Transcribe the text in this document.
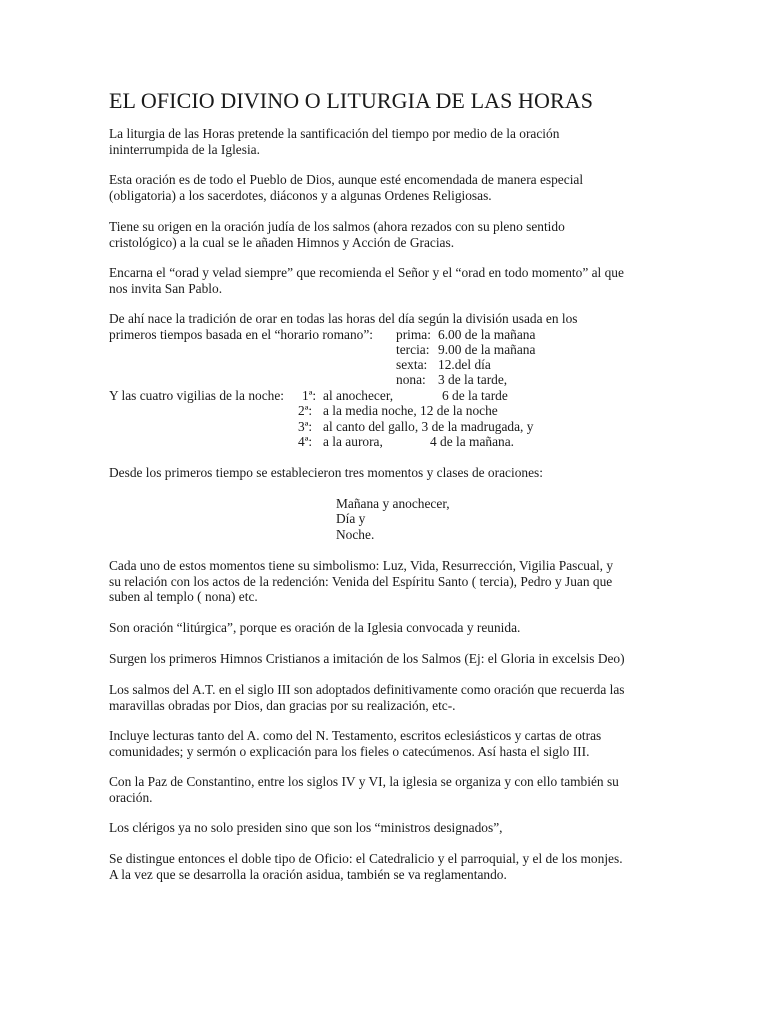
EL OFICIO DIVINO O LITURGIA DE LAS HORAS

La liturgia de las Horas pretende la santificación del tiempo por medio de la oración
ininterrumpida de la Iglesia.

Esta oración es de todo el Pueblo de Dios, aunque esté encomendada de manera especial
(obligatoria) a los sacerdotes, diáconos y a algunas Ordenes Religiosas.

Tiene su origen en la oración judía de los salmos (ahora rezados con su pleno sentido
cristológico) a la cual se le añaden Himnos y Acción de Gracias.

Encarna el “orad y velad siempre” que recomienda el Señor y el “orad en todo momento” al que
nos invita San Pablo.

De ahí nace la tradición de orar en todas las horas del día según la división usada en los

primeros tiempos basada en el “horario romano”: prima: 6.00 de la mañana

tercia: 9.00 de la mañana

sexta: 12.del día

nona: 3 de la tarde,

Y las cuatro vigilias de la noche: 1ª: al anochecer,	6 de la tarde

2ª: a la media noche, 12 de la noche

3ª: al canto del gallo, 3 de la madrugada, y

4ª: a la aurora,	4 de la mañana.

Desde los primeros tiempo se establecieron tres momentos y clases de oraciones:

Mañana y anochecer,

Día y

Noche.

Cada uno de estos momentos tiene su simbolismo: Luz, Vida, Resurrección, Vigilia Pascual, y
su relación con los actos de la redención: Venida del Espíritu Santo ( tercia), Pedro y Juan que
suben al templo ( nona) etc.

Son oración “litúrgica”, porque es oración de la Iglesia convocada y reunida.

Surgen los primeros Himnos Cristianos a imitación de los Salmos (Ej: el Gloria in excelsis Deo)

Los salmos del A.T. en el siglo III son adoptados definitivamente como oración que recuerda las
maravillas obradas por Dios, dan gracias por su realización, etc-.

Incluye lecturas tanto del A. como del N. Testamento, escritos eclesiásticos y cartas de otras
comunidades; y sermón o explicación para los fieles o catecúmenos. Así hasta el siglo III.

Con la Paz de Constantino, entre los siglos IV y VI, la iglesia se organiza y con ello también su
oración.

Los clérigos ya no solo presiden sino que son los “ministros designados”,

Se distingue entonces el doble tipo de Oficio: el Catedralicio y el parroquial, y el de los monjes.
A la vez que se desarrolla la oración asidua, también se va reglamentando.
